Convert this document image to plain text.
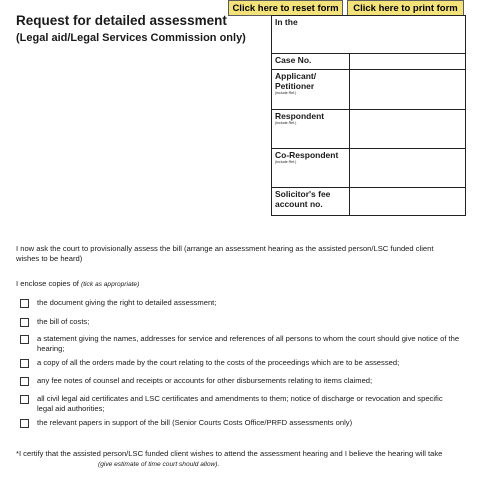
Click here to reset form	Click here to print form
Request for detailed assessment
(Legal aid/Legal Services Commission only)
In the
Case No.
Applicant/ Petitioner
(include Ref.)
Respondent
(include Ref.)
Co-Respondent
(include Ref.)
Solicitor's fee account no.
I now ask the court to provisionally assess the bill (arrange an assessment hearing as the assisted person/LSC funded client wishes to be heard)
I enclose copies of (tick as appropriate)
the document giving the right to detailed assessment;
the bill of costs;
a statement giving the names, addresses for service and references of all persons to whom the court should give notice of the hearing;
a copy of all the orders made by the court relating to the costs of the proceedings which are to be assessed;
any fee notes of counsel and receipts or accounts for other disbursements relating to items claimed;
all civil legal aid certificates and LSC certificates and amendments to them; notice of discharge or revocation and specific legal aid authorities;
the relevant papers in support of the bill (Senior Courts Costs Office/PRFD assessments only)
*I certify that the assisted person/LSC funded client wishes to attend the assessment hearing and I believe the hearing will take (give estimate of time court should allow).
